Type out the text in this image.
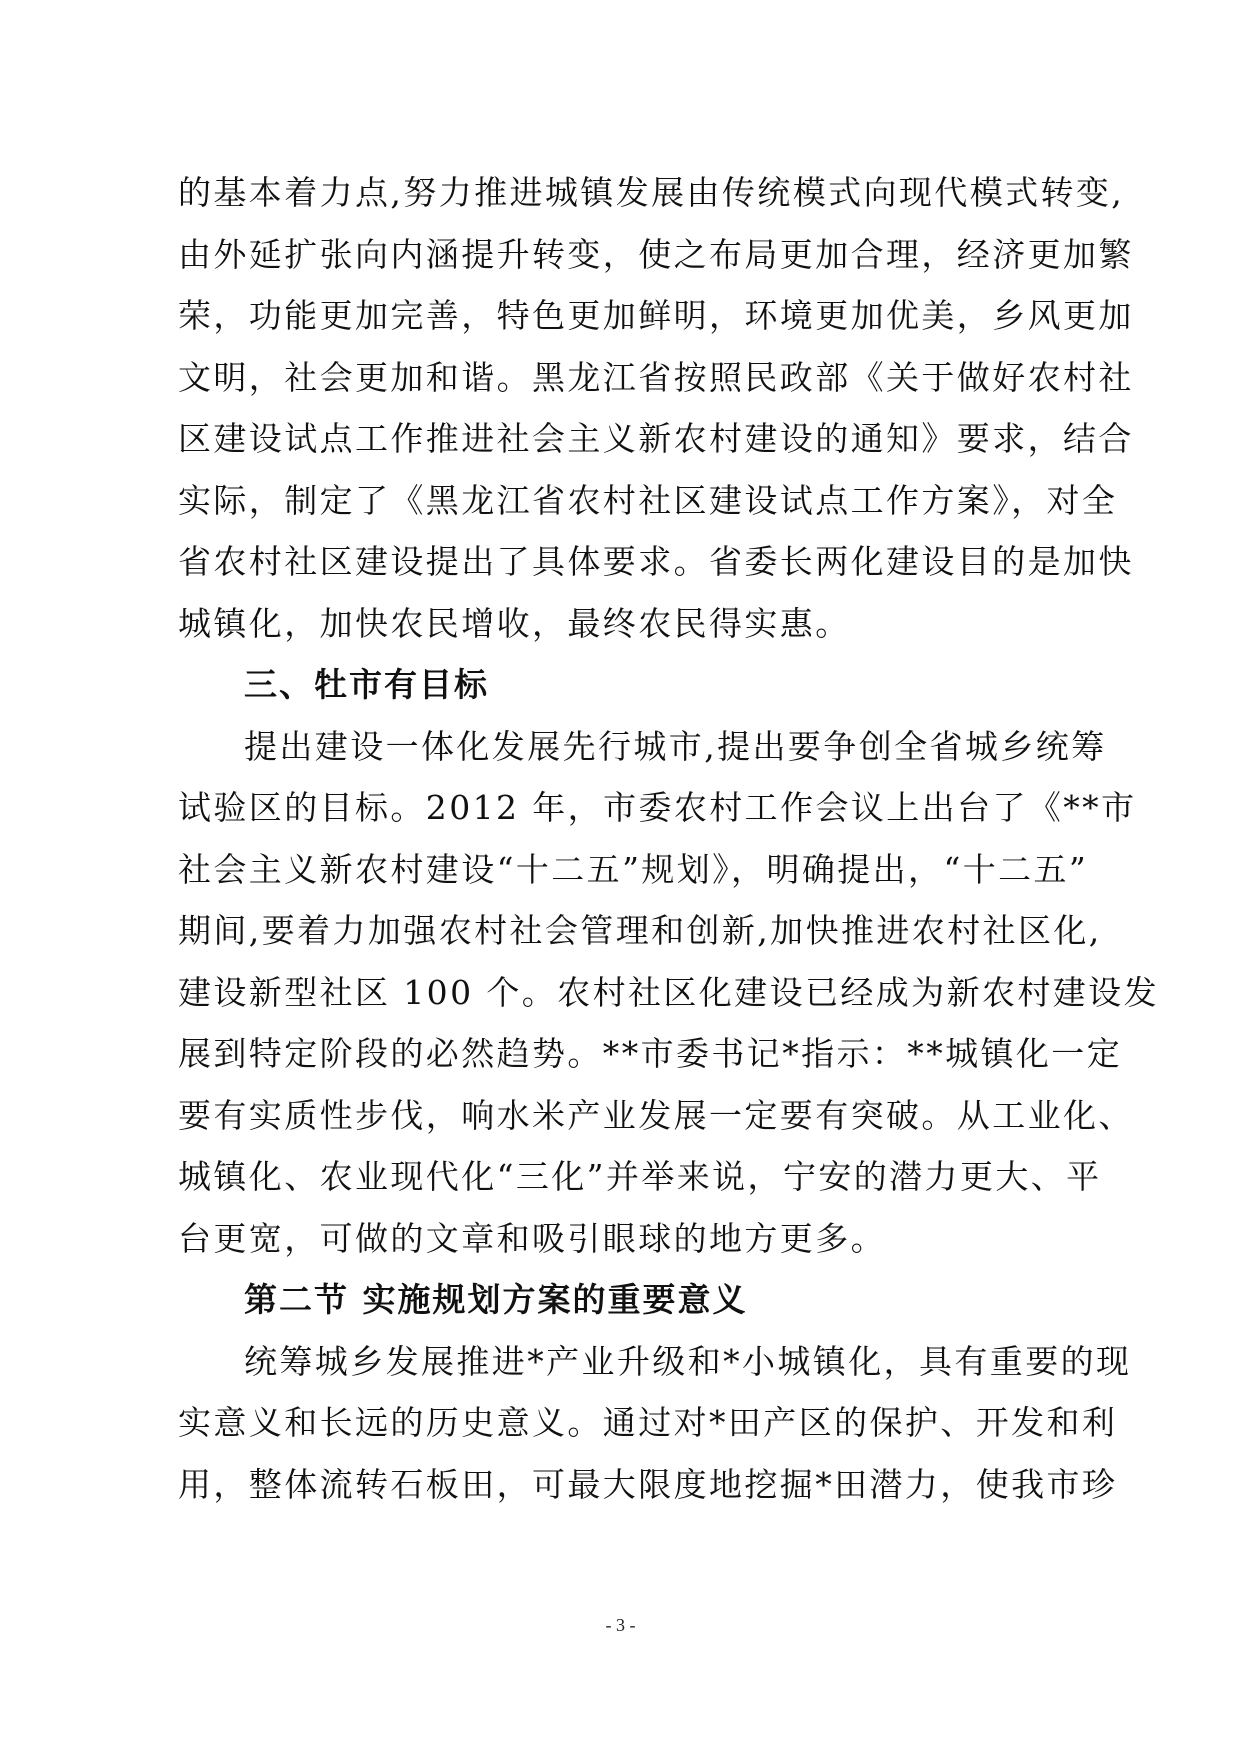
的基本着力点,努力推进城镇发展由传统模式向现代模式转变,
由外延扩张向内涵提升转变，使之布局更加合理，经济更加繁
荣，功能更加完善，特色更加鲜明，环境更加优美，乡风更加
文明，社会更加和谐。黑龙江省按照民政部《关于做好农村社
区建设试点工作推进社会主义新农村建设的通知》要求，结合
实际，制定了《黑龙江省农村社区建设试点工作方案》，对全
省农村社区建设提出了具体要求。省委长两化建设目的是加快
城镇化，加快农民增收，最终农民得实惠。
三、牡市有目标
提出建设一体化发展先行城市,提出要争创全省城乡统筹
试验区的目标。2012 年，市委农村工作会议上出台了《**市
社会主义新农村建设“十二五”规划》，明确提出，“十二五”
期间,要着力加强农村社会管理和创新,加快推进农村社区化,
建设新型社区 100 个。农村社区化建设已经成为新农村建设发
展到特定阶段的必然趋势。**市委书记*指示：**城镇化一定
要有实质性步伐，响水米产业发展一定要有突破。从工业化、
城镇化、农业现代化“三化”并举来说，宁安的潜力更大、平
台更宽，可做的文章和吸引眼球的地方更多。
第二节 实施规划方案的重要意义
统筹城乡发展推进*产业升级和*小城镇化，具有重要的现
实意义和长远的历史意义。通过对*田产区的保护、开发和利
用，整体流转石板田，可最大限度地挖掘*田潜力，使我市珍
- 3 -
